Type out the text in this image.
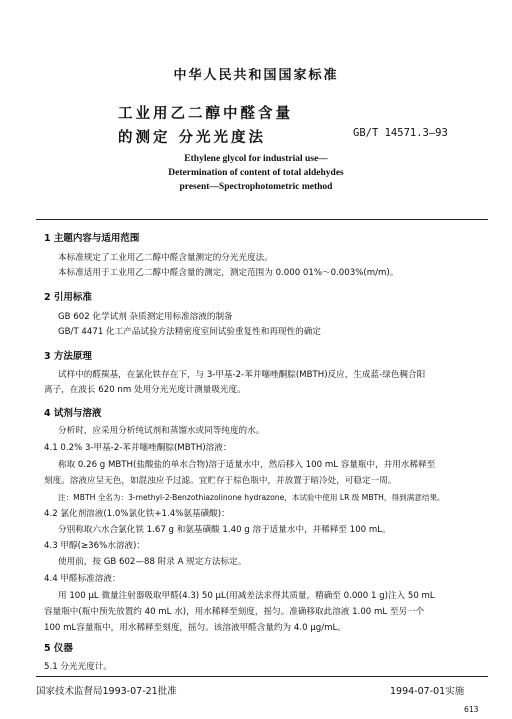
中华人民共和国国家标准
工业用乙二醇中醛含量
的测定 分光光度法	GB/T 14571.3—93
Ethylene glycol for industrial use—
Determination of content of total aldehydes
present—Spectrophotometric method
1 主题内容与适用范围
本标准规定了工业用乙二醇中醛含量测定的分光光度法。
本标准适用于工业用乙二醇中醛含量的测定，测定范围为 0.000 01%～0.003%(m/m)。
2 引用标准
GB 602 化学试剂 杂质测定用标准溶液的制备
GB/T 4471 化工产品试验方法精密度室间试验重复性和再现性的确定
3 方法原理
试样中的醛羰基，在氯化铁存在下，与 3-甲基-2-苯并噻唑酮腙(MBTH)反应，生成蓝-绿色稠合阳
离子，在波长 620 nm 处用分光光度计测量吸光度。
4 试剂与溶液
分析时，应采用分析纯试剂和蒸馏水或同等纯度的水。
4.1 0.2% 3-甲基-2-苯并噻唑酮腙(MBTH)溶液：
称取 0.26 g MBTH(盐酸盐的单水合物)溶于适量水中，然后移入 100 mL 容量瓶中，并用水稀释至
刻度。溶液应呈无色，如混浊应予过滤。宜贮存于棕色瓶中，并放置于暗冷处，可稳定一周。
注：MBTH 全名为：3-methyl-2-Benzothiazolinone hydrazone，本试验中使用 LR 级 MBTH，得到满意结果。
4.2 氯化剂溶液(1.0%氯化铁+1.4%氨基磺酸)：
分别称取六水合氯化铁 1.67 g 和氨基磺酸 1.40 g 溶于适量水中，并稀释至 100 mL。
4.3 甲醇(≥36%水溶液)：
使用前，按 GB 602—88 附录 A 规定方法标定。
4.4 甲醛标准溶液：
用 100 μL 微量注射器吸取甲醛(4.3) 50 μL(用减差法求得其质量，精确至 0.000 1 g)注入 50 mL
容量瓶中(瓶中预先放置约 40 mL 水)，用水稀释至刻度，摇匀。准确移取此溶液 1.00 mL 至另一个
100 mL容量瓶中，用水稀释至刻度，摇匀。该溶液甲醛含量约为 4.0 μg/mL。
5 仪器
5.1 分光光度计。
国家技术监督局1993-07-21批准	1994-07-01实施
613
